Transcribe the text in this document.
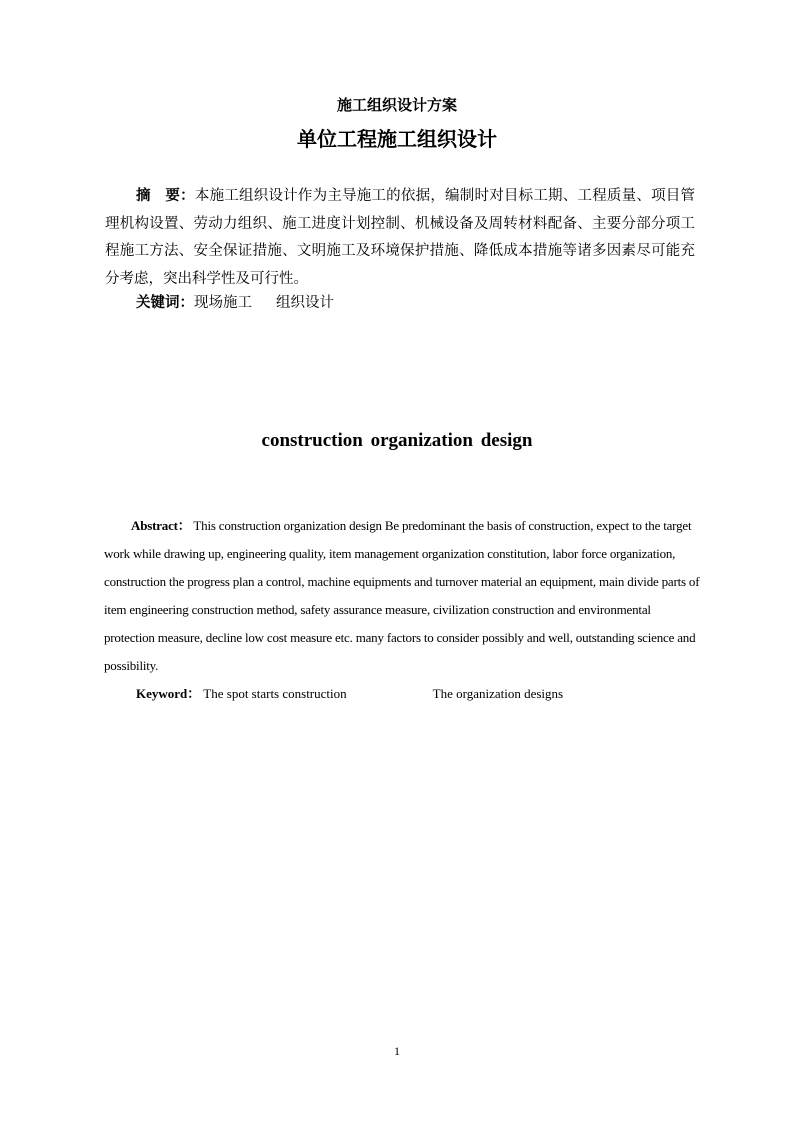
施工组织设计方案
单位工程施工组织设计

摘　要：本施工组织设计作为主导施工的依据，编制时对目标工期、工程质量、项目管理机构设置、劳动力组织、施工进度计划控制、机械设备及周转材料配备、主要分部分项工程施工方法、安全保证措施、文明施工及环境保护措施、降低成本措施等诸多因素尽可能充分考虑，突出科学性及可行性。

关键词：现场施工 组织设计

construction organization design

Abstract： This construction organization design Be predominant the basis of construction, expect to the target work while drawing up, engineering quality, item management organization constitution, labor force organization, construction the progress plan a control, machine equipments and turnover material an equipment, main divide parts of item engineering construction method, safety assurance measure, civilization construction and environmental protection measure, decline low cost measure etc. many factors to consider possibly and well, outstanding science and possibility.

Keyword： The spot starts construction	The organization designs

1
